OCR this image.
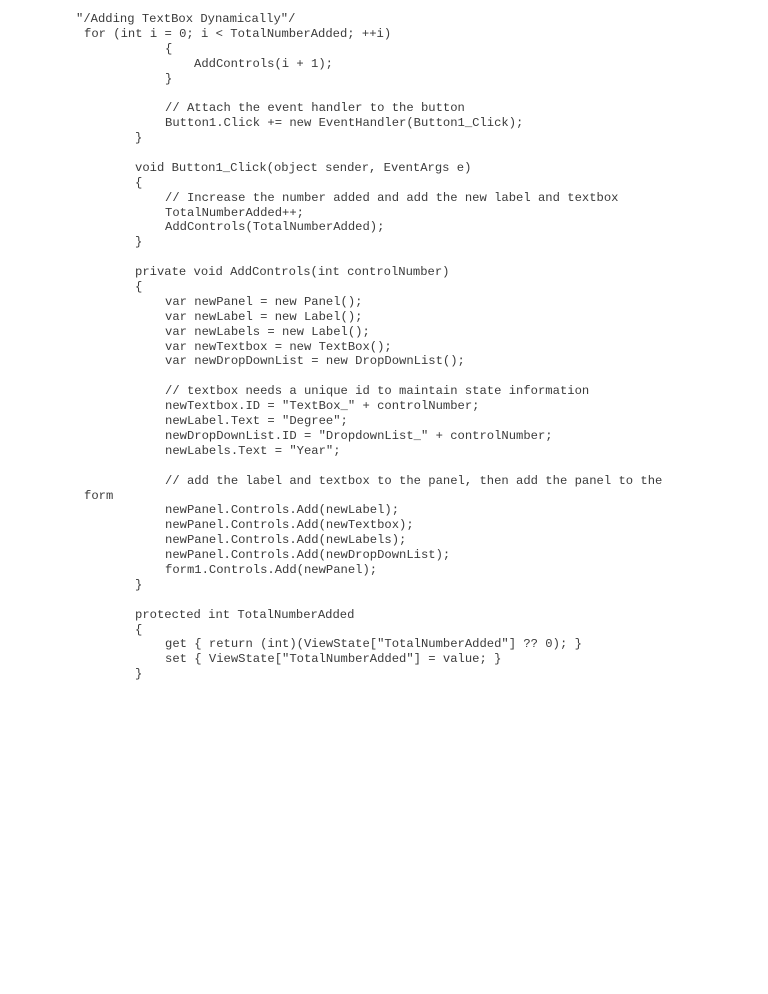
"/Adding TextBox Dynamically"/
for (int i = 0; i < TotalNumberAdded; ++i)
{
AddControls(i + 1);
}
// Attach the event handler to the button
Button1.Click += new EventHandler(Button1_Click);
}
void Button1_Click(object sender, EventArgs e)
{
// Increase the number added and add the new label and textbox
TotalNumberAdded++;
AddControls(TotalNumberAdded);
}
private void AddControls(int controlNumber)
{
var newPanel = new Panel();
var newLabel = new Label();
var newLabels = new Label();
var newTextbox = new TextBox();
var newDropDownList = new DropDownList();
// textbox needs a unique id to maintain state information
newTextbox.ID = "TextBox_" + controlNumber;
newLabel.Text = "Degree";
newDropDownList.ID = "DropdownList_" + controlNumber;
newLabels.Text = "Year";
// add the label and textbox to the panel, then add the panel to the
form
newPanel.Controls.Add(newLabel);
newPanel.Controls.Add(newTextbox);
newPanel.Controls.Add(newLabels);
newPanel.Controls.Add(newDropDownList);
form1.Controls.Add(newPanel);
}
protected int TotalNumberAdded
{
get { return (int)(ViewState["TotalNumberAdded"] ?? 0); }
set { ViewState["TotalNumberAdded"] = value; }
}
